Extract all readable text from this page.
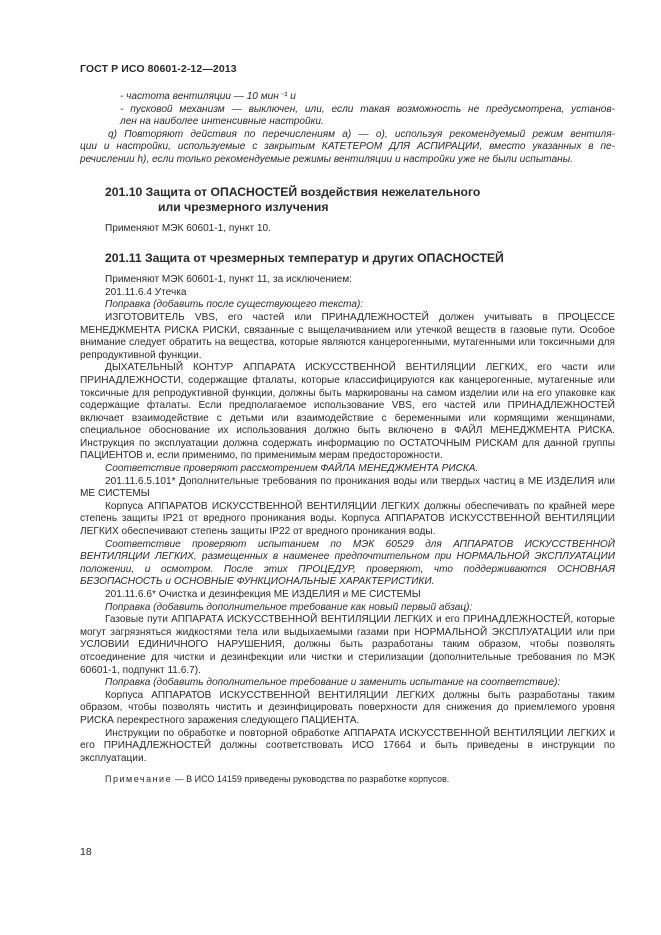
ГОСТ Р ИСО 80601-2-12—2013

- частота вентиляции — 10 мин⁻¹ и

- пусковой механизм — выключен, или, если такая возможность не предусмотрена, установ-

лен на наиболее интенсивные настройки.

q) Повторяют действия по перечислениям а) — о), используя рекомендуемый режим вентиля-

ции и настройки, используемые с закрытым КАТЕТЕРОМ ДЛЯ АСПИРАЦИИ, вместо указанных в пе-

речислении h), если только рекомендуемые режимы вентиляции и настройки уже не были испытаны.

201.10 Защита от ОПАСНОСТЕЙ воздействия нежелательного

или чрезмерного излучения

Применяют МЭК 60601-1, пункт 10.

201.11 Защита от чрезмерных температур и других ОПАСНОСТЕЙ

Применяют МЭК 60601-1, пункт 11, за исключением:

201.11.6.4 Утечка

Поправка (добавить после существующего текста):

ИЗГОТОВИТЕЛЬ VBS, его частей или ПРИНАДЛЕЖНОСТЕЙ должен учитывать в ПРОЦЕССЕ МЕНЕДЖМЕНТА РИСКА РИСКИ, связанные с выщелачиванием или утечкой веществ в газовые пути. Особое внимание следует обратить на вещества, которые являются канцерогенными, мутагенными или токсичными для репродуктивной функции.

ДЫХАТЕЛЬНЫЙ КОНТУР АППАРАТА ИСКУССТВЕННОЙ ВЕНТИЛЯЦИИ ЛЕГКИХ, его части или ПРИНАДЛЕЖНОСТИ, содержащие фталаты, которые классифицируются как канцерогенные, мутагенные или токсичные для репродуктивной функции, должны быть маркированы на самом изделии или на его упаковке как содержащие фталаты. Если предполагаемое использование VBS, его частей или ПРИНАДЛЕЖНОСТЕЙ включает взаимодействие с детьми или взаимодействие с беременными или кормящими женщинами, специальное обоснование их использования должно быть включено в ФАЙЛ МЕНЕДЖМЕНТА РИСКА. Инструкция по эксплуатации должна содержать информацию по ОСТАТОЧНЫМ РИСКАМ для данной группы ПАЦИЕНТОВ и, если применимо, по применимым мерам предосторожности.

Соответствие проверяют рассмотрением ФАЙЛА МЕНЕДЖМЕНТА РИСКА.

201.11.6.5.101* Дополнительные требования по проникания воды или твердых частиц в МЕ ИЗДЕЛИЯ или МЕ СИСТЕМЫ

Корпуса АППАРАТОВ ИСКУССТВЕННОЙ ВЕНТИЛЯЦИИ ЛЕГКИХ должны обеспечивать по крайней мере степень защиты IP21 от вредного проникания воды. Корпуса АППАРАТОВ ИСКУССТВЕННОЙ ВЕНТИЛЯЦИИ ЛЕГКИХ обеспечивают степень защиты IP22 от вредного проникания воды.

Соответствие проверяют испытанием по МЭК 60529 для АППАРАТОВ ИСКУССТВЕННОЙ ВЕНТИЛЯЦИИ ЛЕГКИХ, размещенных в наименее предпочтительном при НОРМАЛЬНОЙ ЭКСПЛУАТАЦИИ положении, и осмотром. После этих ПРОЦЕДУР, проверяют, что поддерживаются ОСНОВНАЯ БЕЗОПАСНОСТЬ и ОСНОВНЫЕ ФУНКЦИОНАЛЬНЫЕ ХАРАКТЕРИСТИКИ.

201.11.6.6* Очистка и дезинфекция МЕ ИЗДЕЛИЯ и МЕ СИСТЕМЫ

Поправка (добавить дополнительное требование как новый первый абзац):

Газовые пути АППАРАТА ИСКУССТВЕННОЙ ВЕНТИЛЯЦИИ ЛЕГКИХ и его ПРИНАДЛЕЖНОСТЕЙ, которые могут загрязняться жидкостями тела или выдыхаемыми газами при НОРМАЛЬНОЙ ЭКСПЛУАТАЦИИ или при УСЛОВИИ ЕДИНИЧНОГО НАРУШЕНИЯ, должны быть разработаны таким образом, чтобы позволять отсоединение для чистки и дезинфекции или чистки и стерилизации (дополнительные требования по МЭК 60601-1, подпункт 11.6.7).

Поправка (добавить дополнительное требование и заменить испытание на соответствие):

Корпуса АППАРАТОВ ИСКУССТВЕННОЙ ВЕНТИЛЯЦИИ ЛЕГКИХ должны быть разработаны таким образом, чтобы позволять чистить и дезинфицировать поверхности для снижения до приемлемого уровня РИСКА перекрестного заражения следующего ПАЦИЕНТА.

Инструкции по обработке и повторной обработке АППАРАТА ИСКУССТВЕННОЙ ВЕНТИЛЯЦИИ ЛЕГКИХ и его ПРИНАДЛЕЖНОСТЕЙ должны соответствовать ИСО 17664 и быть приведены в инструкции по эксплуатации.

Примечание — В ИСО 14159 приведены руководства по разработке корпусов.

18
